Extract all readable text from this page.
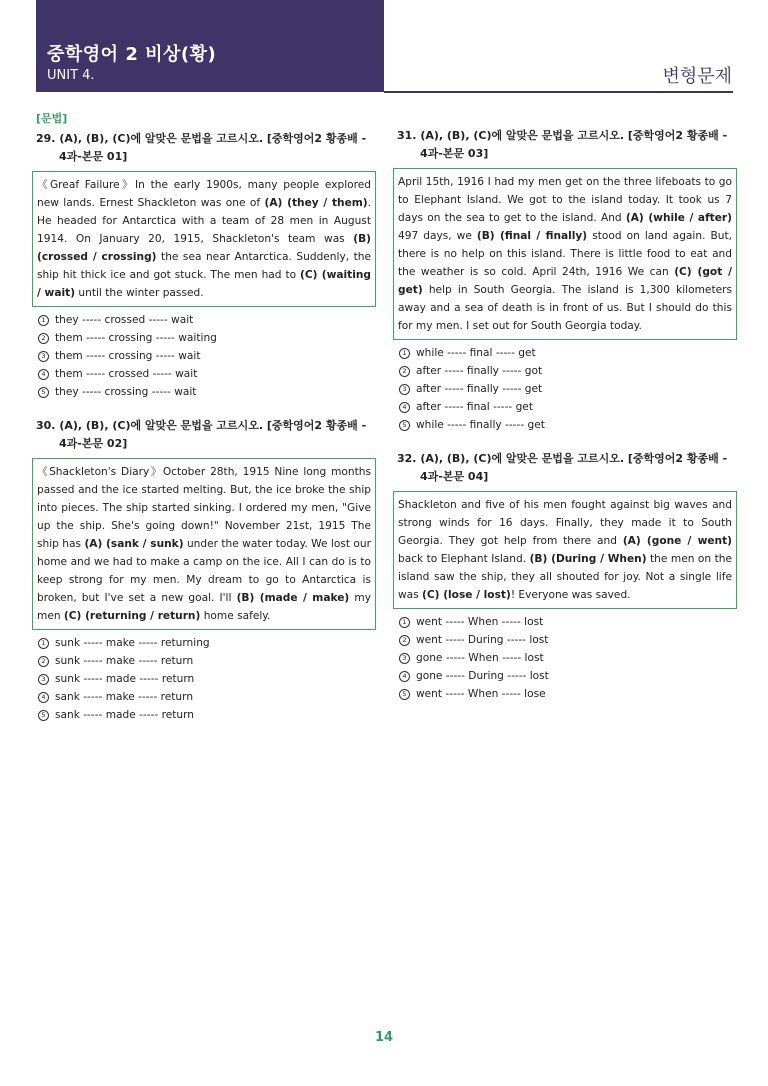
중학영어 2 비상(황)
UNIT 4.	변형문제
[문법]
29. (A), (B), (C)에 알맞은 문법을 고르시오. [중학영어2 황종배 - 4과-본문 01]
《Greaf Failure》In the early 1900s, many people explored new lands. Ernest Shackleton was one of (A) (they / them). He headed for Antarctica with a team of 28 men in August 1914. On January 20, 1915, Shackleton's team was (B) (crossed / crossing) the sea near Antarctica. Suddenly, the ship hit thick ice and got stuck. The men had to (C) (waiting / wait) until the winter passed.
1 they ----- crossed ----- wait
2 them ----- crossing ----- waiting
3 them ----- crossing ----- wait
4 them ----- crossed ----- wait
5 they ----- crossing ----- wait
30. (A), (B), (C)에 알맞은 문법을 고르시오. [중학영어2 황종배 - 4과-본문 02]
《Shackleton's Diary》October 28th, 1915 Nine long months passed and the ice started melting. But, the ice broke the ship into pieces. The ship started sinking. I ordered my men, "Give up the ship. She's going down!" November 21st, 1915 The ship has (A) (sank / sunk) under the water today. We lost our home and we had to make a camp on the ice. All I can do is to keep strong for my men. My dream to go to Antarctica is broken, but I've set a new goal. I'll (B) (made / make) my men (C) (returning / return) home safely.
1 sunk ----- make ----- returning
2 sunk ----- make ----- return
3 sunk ----- made ----- return
4 sank ----- make ----- return
5 sank ----- made ----- return

31. (A), (B), (C)에 알맞은 문법을 고르시오. [중학영어2 황종배 - 4과-본문 03]
April 15th, 1916 I had my men get on the three lifeboats to go to Elephant Island. We got to the island today. It took us 7 days on the sea to get to the island. And (A) (while / after) 497 days, we (B) (final / finally) stood on land again. But, there is no help on this island. There is little food to eat and the weather is so cold. April 24th, 1916 We can (C) (got / get) help in South Georgia. The island is 1,300 kilometers away and a sea of death is in front of us. But I should do this for my men. I set out for South Georgia today.
1 while ----- final ----- get
2 after ----- finally ----- got
3 after ----- finally ----- get
4 after ----- final ----- get
5 while ----- finally ----- get
32. (A), (B), (C)에 알맞은 문법을 고르시오. [중학영어2 황종배 - 4과-본문 04]
Shackleton and five of his men fought against big waves and strong winds for 16 days. Finally, they made it to South Georgia. They got help from there and (A) (gone / went) back to Elephant Island. (B) (During / When) the men on the island saw the ship, they all shouted for joy. Not a single life was (C) (lose / lost)! Everyone was saved.
1 went ----- When ----- lost
2 went ----- During ----- lost
3 gone ----- When ----- lost
4 gone ----- During ----- lost
5 went ----- When ----- lose
14
